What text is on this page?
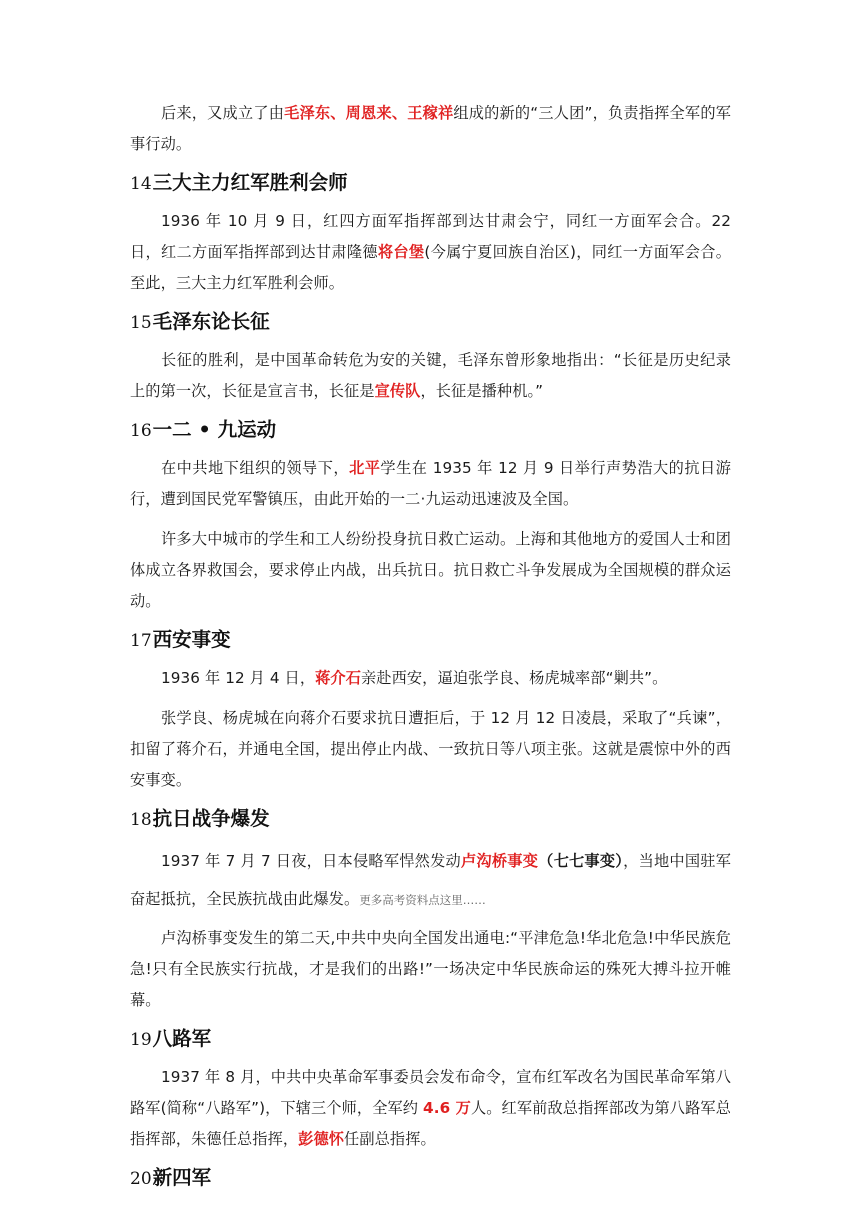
后来，又成立了由毛泽东、周恩来、王稼祥组成的新的“三人团”，负责指挥全军的军事行动。

14三大主力红军胜利会师

1936 年 10 月 9 日，红四方面军指挥部到达甘肃会宁，同红一方面军会合。22 日，红二方面军指挥部到达甘肃隆德将台堡(今属宁夏回族自治区)，同红一方面军会合。至此，三大主力红军胜利会师。

15毛泽东论长征

长征的胜利，是中国革命转危为安的关键，毛泽东曾形象地指出：“长征是历史纪录上的第一次，长征是宣言书，长征是宣传队，长征是播种机。”

16一二 • 九运动

在中共地下组织的领导下，北平学生在 1935 年 12 月 9 日举行声势浩大的抗日游行，遭到国民党军警镇压，由此开始的一二·九运动迅速波及全国。

许多大中城市的学生和工人纷纷投身抗日救亡运动。上海和其他地方的爱国人士和团体成立各界救国会，要求停止内战，出兵抗日。抗日救亡斗争发展成为全国规模的群众运动。

17西安事变

1936 年 12 月 4 日，蒋介石亲赴西安，逼迫张学良、杨虎城率部“剿共”。

张学良、杨虎城在向蒋介石要求抗日遭拒后，于 12 月 12 日凌晨，采取了“兵谏”，扣留了蒋介石，并通电全国，提出停止内战、一致抗日等八项主张。这就是震惊中外的西安事变。

18抗日战争爆发

1937 年 7 月 7 日夜，日本侵略军悍然发动卢沟桥事变（七七事变），当地中国驻军奋起抵抗，全民族抗战由此爆发。更多高考资料点这里……

卢沟桥事变发生的第二天,中共中央向全国发出通电:“平津危急!华北危急!中华民族危急!只有全民族实行抗战，才是我们的出路!”一场决定中华民族命运的殊死大搏斗拉开帷幕。

19八路军

1937 年 8 月，中共中央革命军事委员会发布命令，宣布红军改名为国民革命军第八路军(简称“八路军”)，下辖三个师，全军约 4.6 万人。红军前敌总指挥部改为第八路军总指挥部，朱德任总指挥，彭德怀任副总指挥。

20新四军
